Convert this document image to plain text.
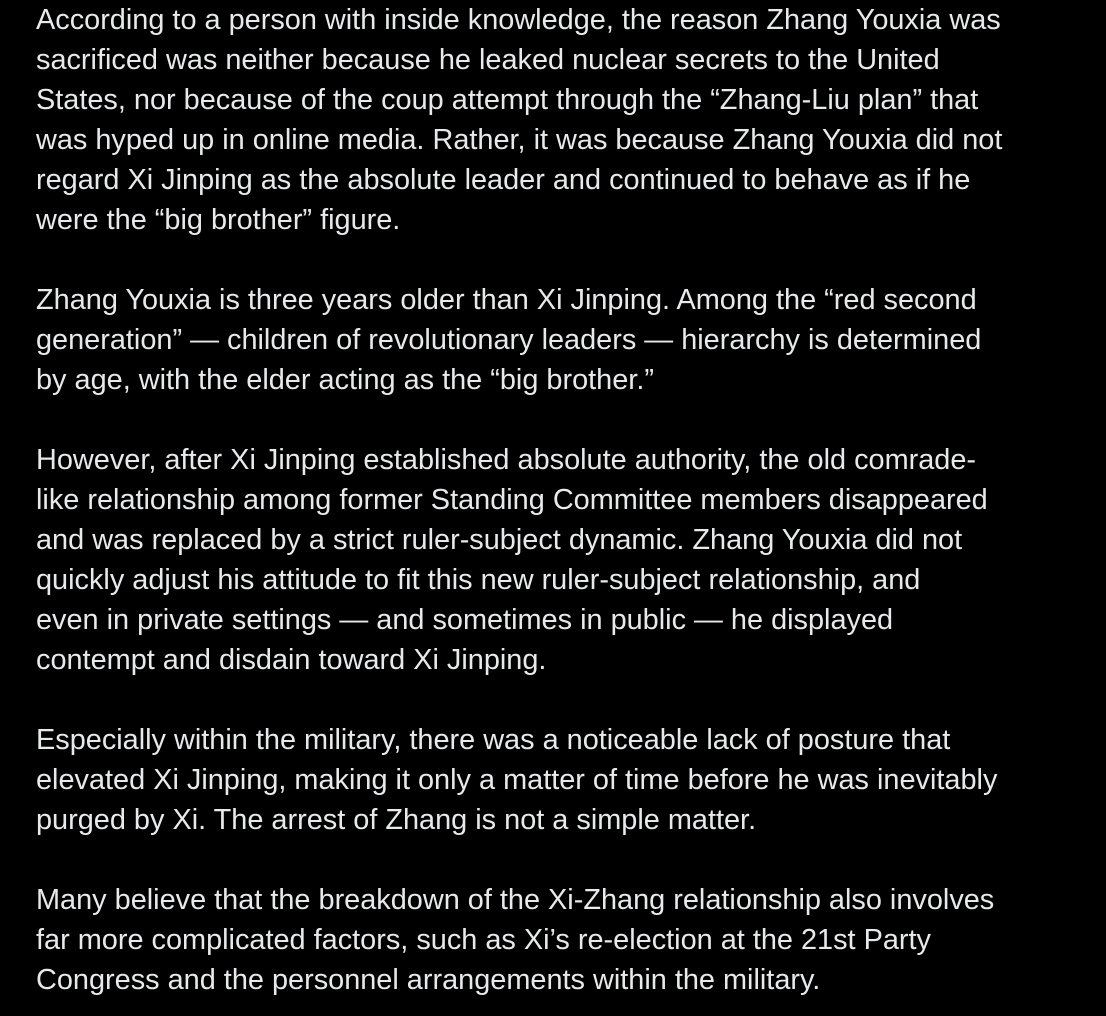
According to a person with inside knowledge, the reason Zhang Youxia was
sacrificed was neither because he leaked nuclear secrets to the United
States, nor because of the coup attempt through the “Zhang-Liu plan” that
was hyped up in online media. Rather, it was because Zhang Youxia did not
regard Xi Jinping as the absolute leader and continued to behave as if he
were the “big brother” figure.

Zhang Youxia is three years older than Xi Jinping. Among the “red second
generation” — children of revolutionary leaders — hierarchy is determined
by age, with the elder acting as the “big brother.”

However, after Xi Jinping established absolute authority, the old comrade-
like relationship among former Standing Committee members disappeared
and was replaced by a strict ruler-subject dynamic. Zhang Youxia did not
quickly adjust his attitude to fit this new ruler-subject relationship, and
even in private settings — and sometimes in public — he displayed
contempt and disdain toward Xi Jinping.

Especially within the military, there was a noticeable lack of posture that
elevated Xi Jinping, making it only a matter of time before he was inevitably
purged by Xi. The arrest of Zhang is not a simple matter.

Many believe that the breakdown of the Xi-Zhang relationship also involves
far more complicated factors, such as Xi’s re-election at the 21st Party
Congress and the personnel arrangements within the military.
